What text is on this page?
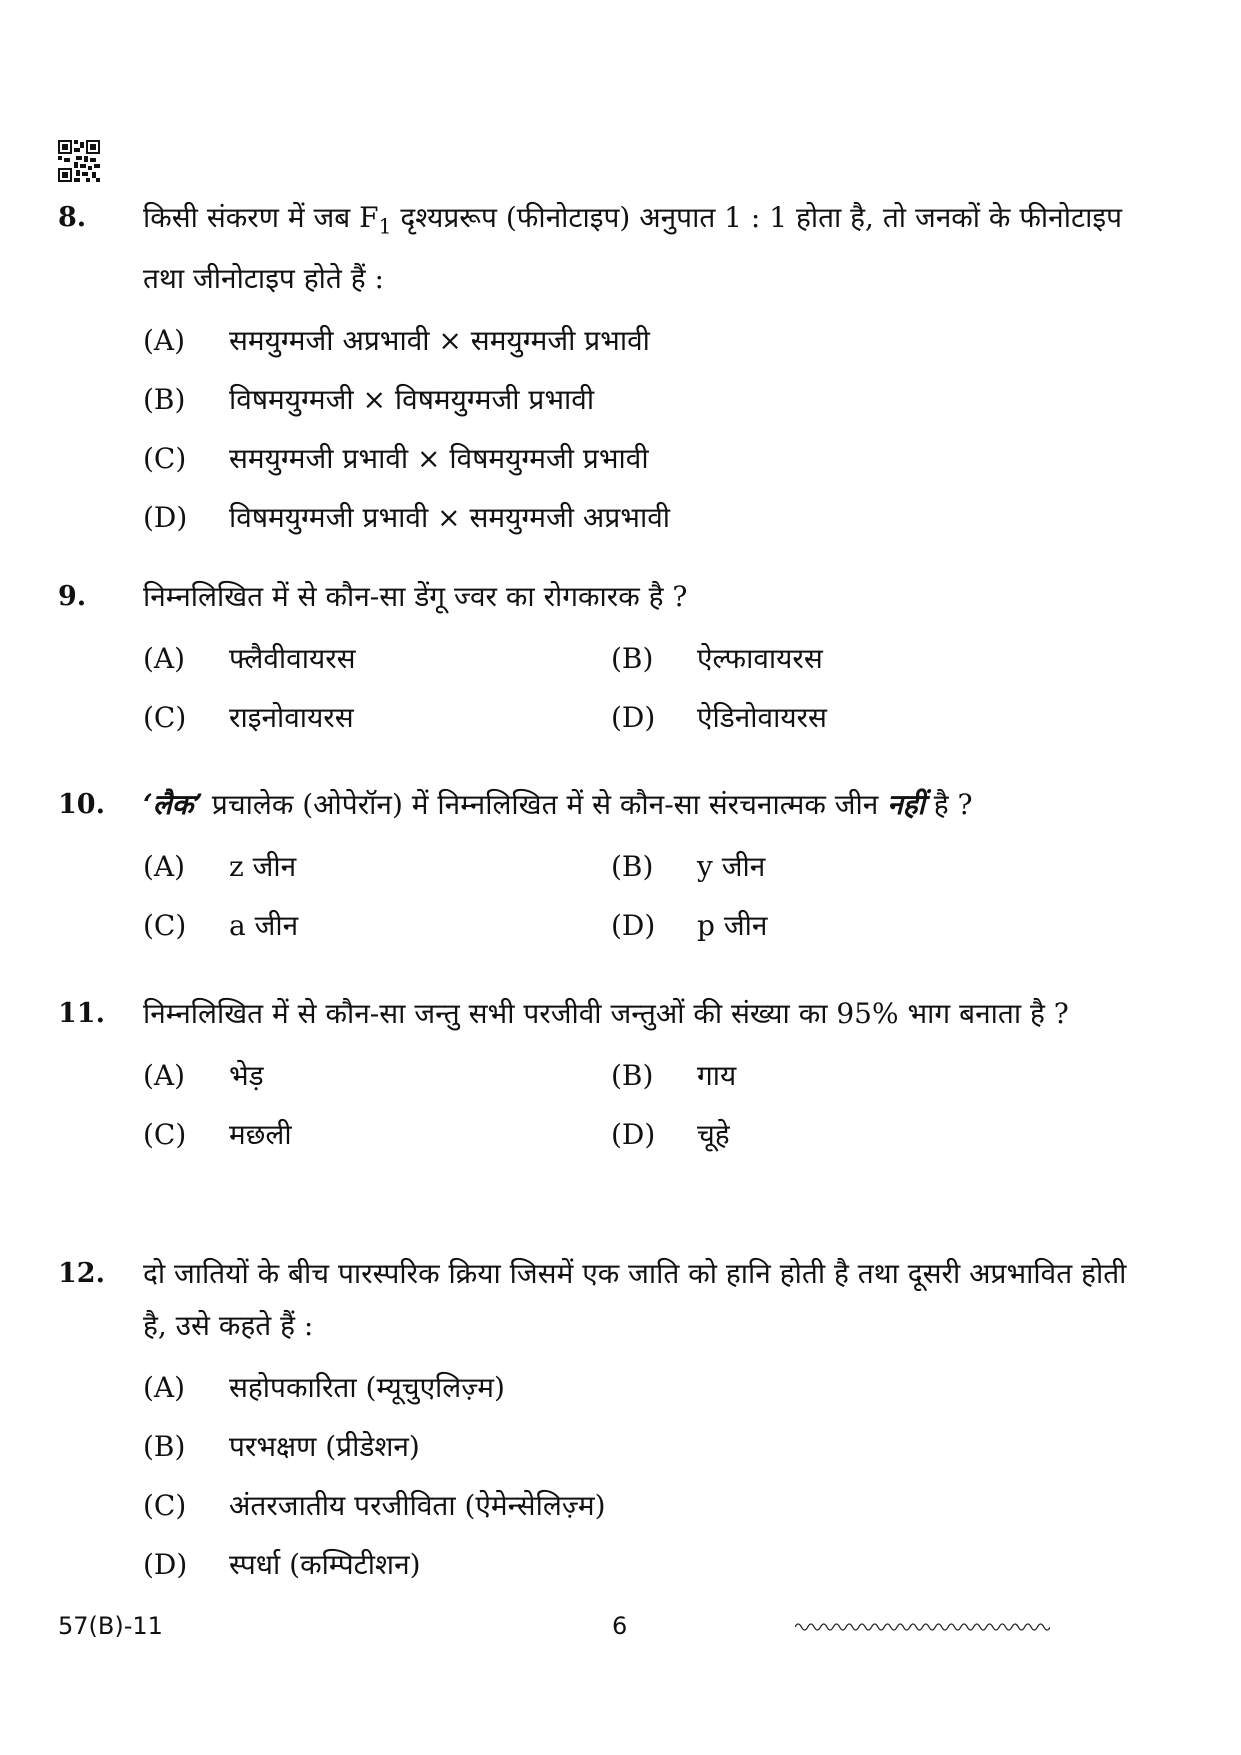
8. किसी संकरण में जब $F_1$ दृश्यप्ररूप (फीनोटाइप) अनुपात 1 : 1 होता है, तो जनकों के फीनोटाइप तथा जीनोटाइप होते हैं :
(A)	समयुग्मजी अप्रभावी × समयुग्मजी प्रभावी
(B)	विषमयुग्मजी × विषमयुग्मजी प्रभावी
(C)	समयुग्मजी प्रभावी × विषमयुग्मजी प्रभावी
(D)	विषमयुग्मजी प्रभावी × समयुग्मजी अप्रभावी
9. निम्नलिखित में से कौन-सा डेंगू ज्वर का रोगकारक है ?
(A)	फ्लैवीवायरस	(B)	ऐल्फावायरस
(C)	राइनोवायरस	(D)	ऐडिनोवायरस
10. ‘लैक’ प्रचालेक (ओपेरॉन) में निम्नलिखित में से कौन-सा संरचनात्मक जीन नहीं है ?
(A)	z जीन	(B)	y जीन
(C)	a जीन	(D)	p जीन
11. निम्नलिखित में से कौन-सा जन्तु सभी परजीवी जन्तुओं की संख्या का 95% भाग बनाता है ?
(A)	भेड़	(B)	गाय
(C)	मछली	(D)	चूहे
12. दो जातियों के बीच पारस्परिक क्रिया जिसमें एक जाति को हानि होती है तथा दूसरी अप्रभावित होती है, उसे कहते हैं :
(A)	सहोपकारिता (म्यूचुएलिज़्म)
(B)	परभक्षण (प्रीडेशन)
(C)	अंतरजातीय परजीविता (ऐमेन्सेलिज़्म)
(D)	स्पर्धा (कम्पिटीशन)
57(B)-11	6
